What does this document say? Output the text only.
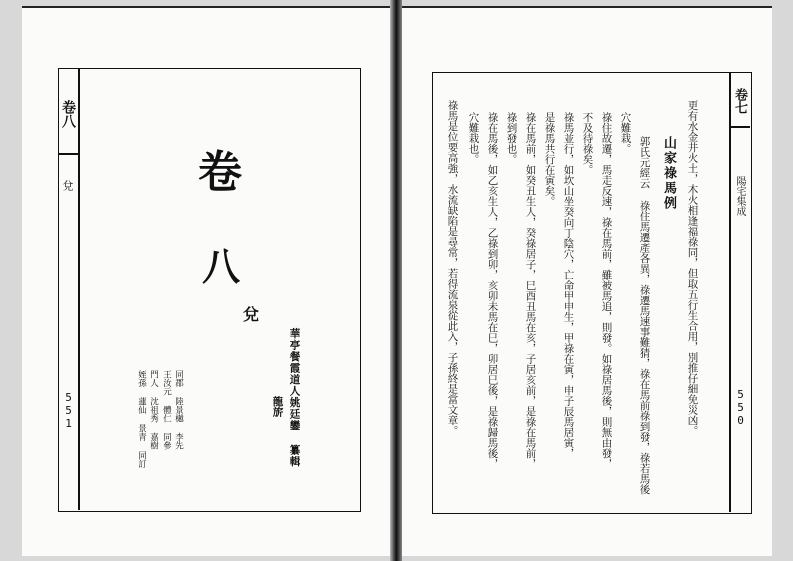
卷八
兌
551
卷
八
兌
華亭餐霞道人姚廷鑾 纂輯
龍旂
同郡 陸景樾 李先
王汝元 體仁 同參
門人 沈祖秀 嘉樹
姪孫 蓮仙 景青 同訂
卷七
陽宅集成
550
更有水金井火土，木火相逢福祿同，但取五行生合用，別推仔細免災凶。
山家祿馬例
郭氏元經云 祿住馬遷產各異，祿遷馬速事難猜，祿在馬前祿到發，祿若馬後
穴難栽。
祿住故遷，馬走反速，祿在馬前，雖被馬追，則發。如祿居馬後，則無由發，
不及待祿矣。
祿馬並行，如坎山坐癸向丁陰穴，亡命甲申生，甲祿在寅，申子辰馬居寅，
是祿馬共行在寅矣。
祿在馬前，如癸丑生人，癸祿居子，巳酉丑馬在亥，子居亥前，是祿在馬前，
祿到發也。
祿在馬後，如乙亥生人，乙祿到卯，亥卯未馬在巳，卯居巳後，是祿歸馬後，
穴難栽也。
祿馬是位要高強，水流缺陷是尋常，若得流泉從此入，子孫終是當文章。
